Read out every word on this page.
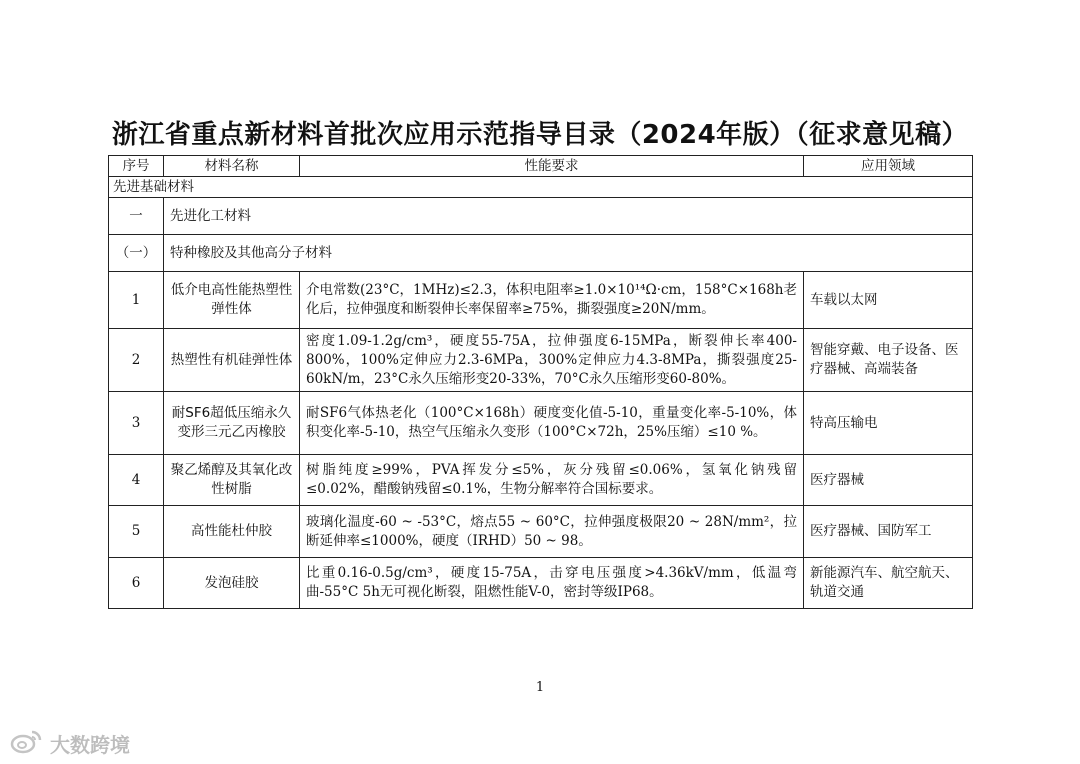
浙江省重点新材料首批次应用示范指导目录（2024年版）（征求意见稿）
序号	材料名称	性能要求	应用领域
先进基础材料			
一	先进化工材料		
（一）	特种橡胶及其他高分子材料		
1	低介电高性能热塑性弹性体	介电常数(23°C，1MHz)≤2.3，体积电阻率≥1.0×10¹⁴Ω·cm，158°C×168h老化后，拉伸强度和断裂伸长率保留率≥75%，撕裂强度≥20N/mm。	车载以太网
2	热塑性有机硅弹性体	密度1.09-1.2g/cm³，硬度55-75A，拉伸强度6-15MPa，断裂伸长率400-800%，100%定伸应力2.3-6MPa，300%定伸应力4.3-8MPa，撕裂强度25-60kN/m，23°C永久压缩形变20-33%，70°C永久压缩形变60-80%。	智能穿戴、电子设备、医疗器械、高端装备
3	耐SF6超低压缩永久变形三元乙丙橡胶	耐SF6气体热老化（100°C×168h）硬度变化值-5-10，重量变化率-5-10%，体积变化率-5-10，热空气压缩永久变形（100°C×72h，25%压缩）≤10 %。	特高压输电
4	聚乙烯醇及其氧化改性树脂	树脂纯度≥99%，PVA挥发分≤5%，灰分残留≤0.06%，氢氧化钠残留≤0.02%，醋酸钠残留≤0.1%，生物分解率符合国标要求。	医疗器械
5	高性能杜仲胶	玻璃化温度-60 ~ -53°C，熔点55 ~ 60°C，拉伸强度极限20 ~ 28N/mm²，拉断延伸率≤1000%，硬度（IRHD）50 ~ 98。	医疗器械、国防军工
6	发泡硅胶	比重0.16-0.5g/cm³，硬度15-75A，击穿电压强度>4.36kV/mm，低温弯曲-55°C 5h无可视化断裂，阻燃性能V-0，密封等级IP68。	新能源汽车、航空航天、轨道交通
1
大数跨境
